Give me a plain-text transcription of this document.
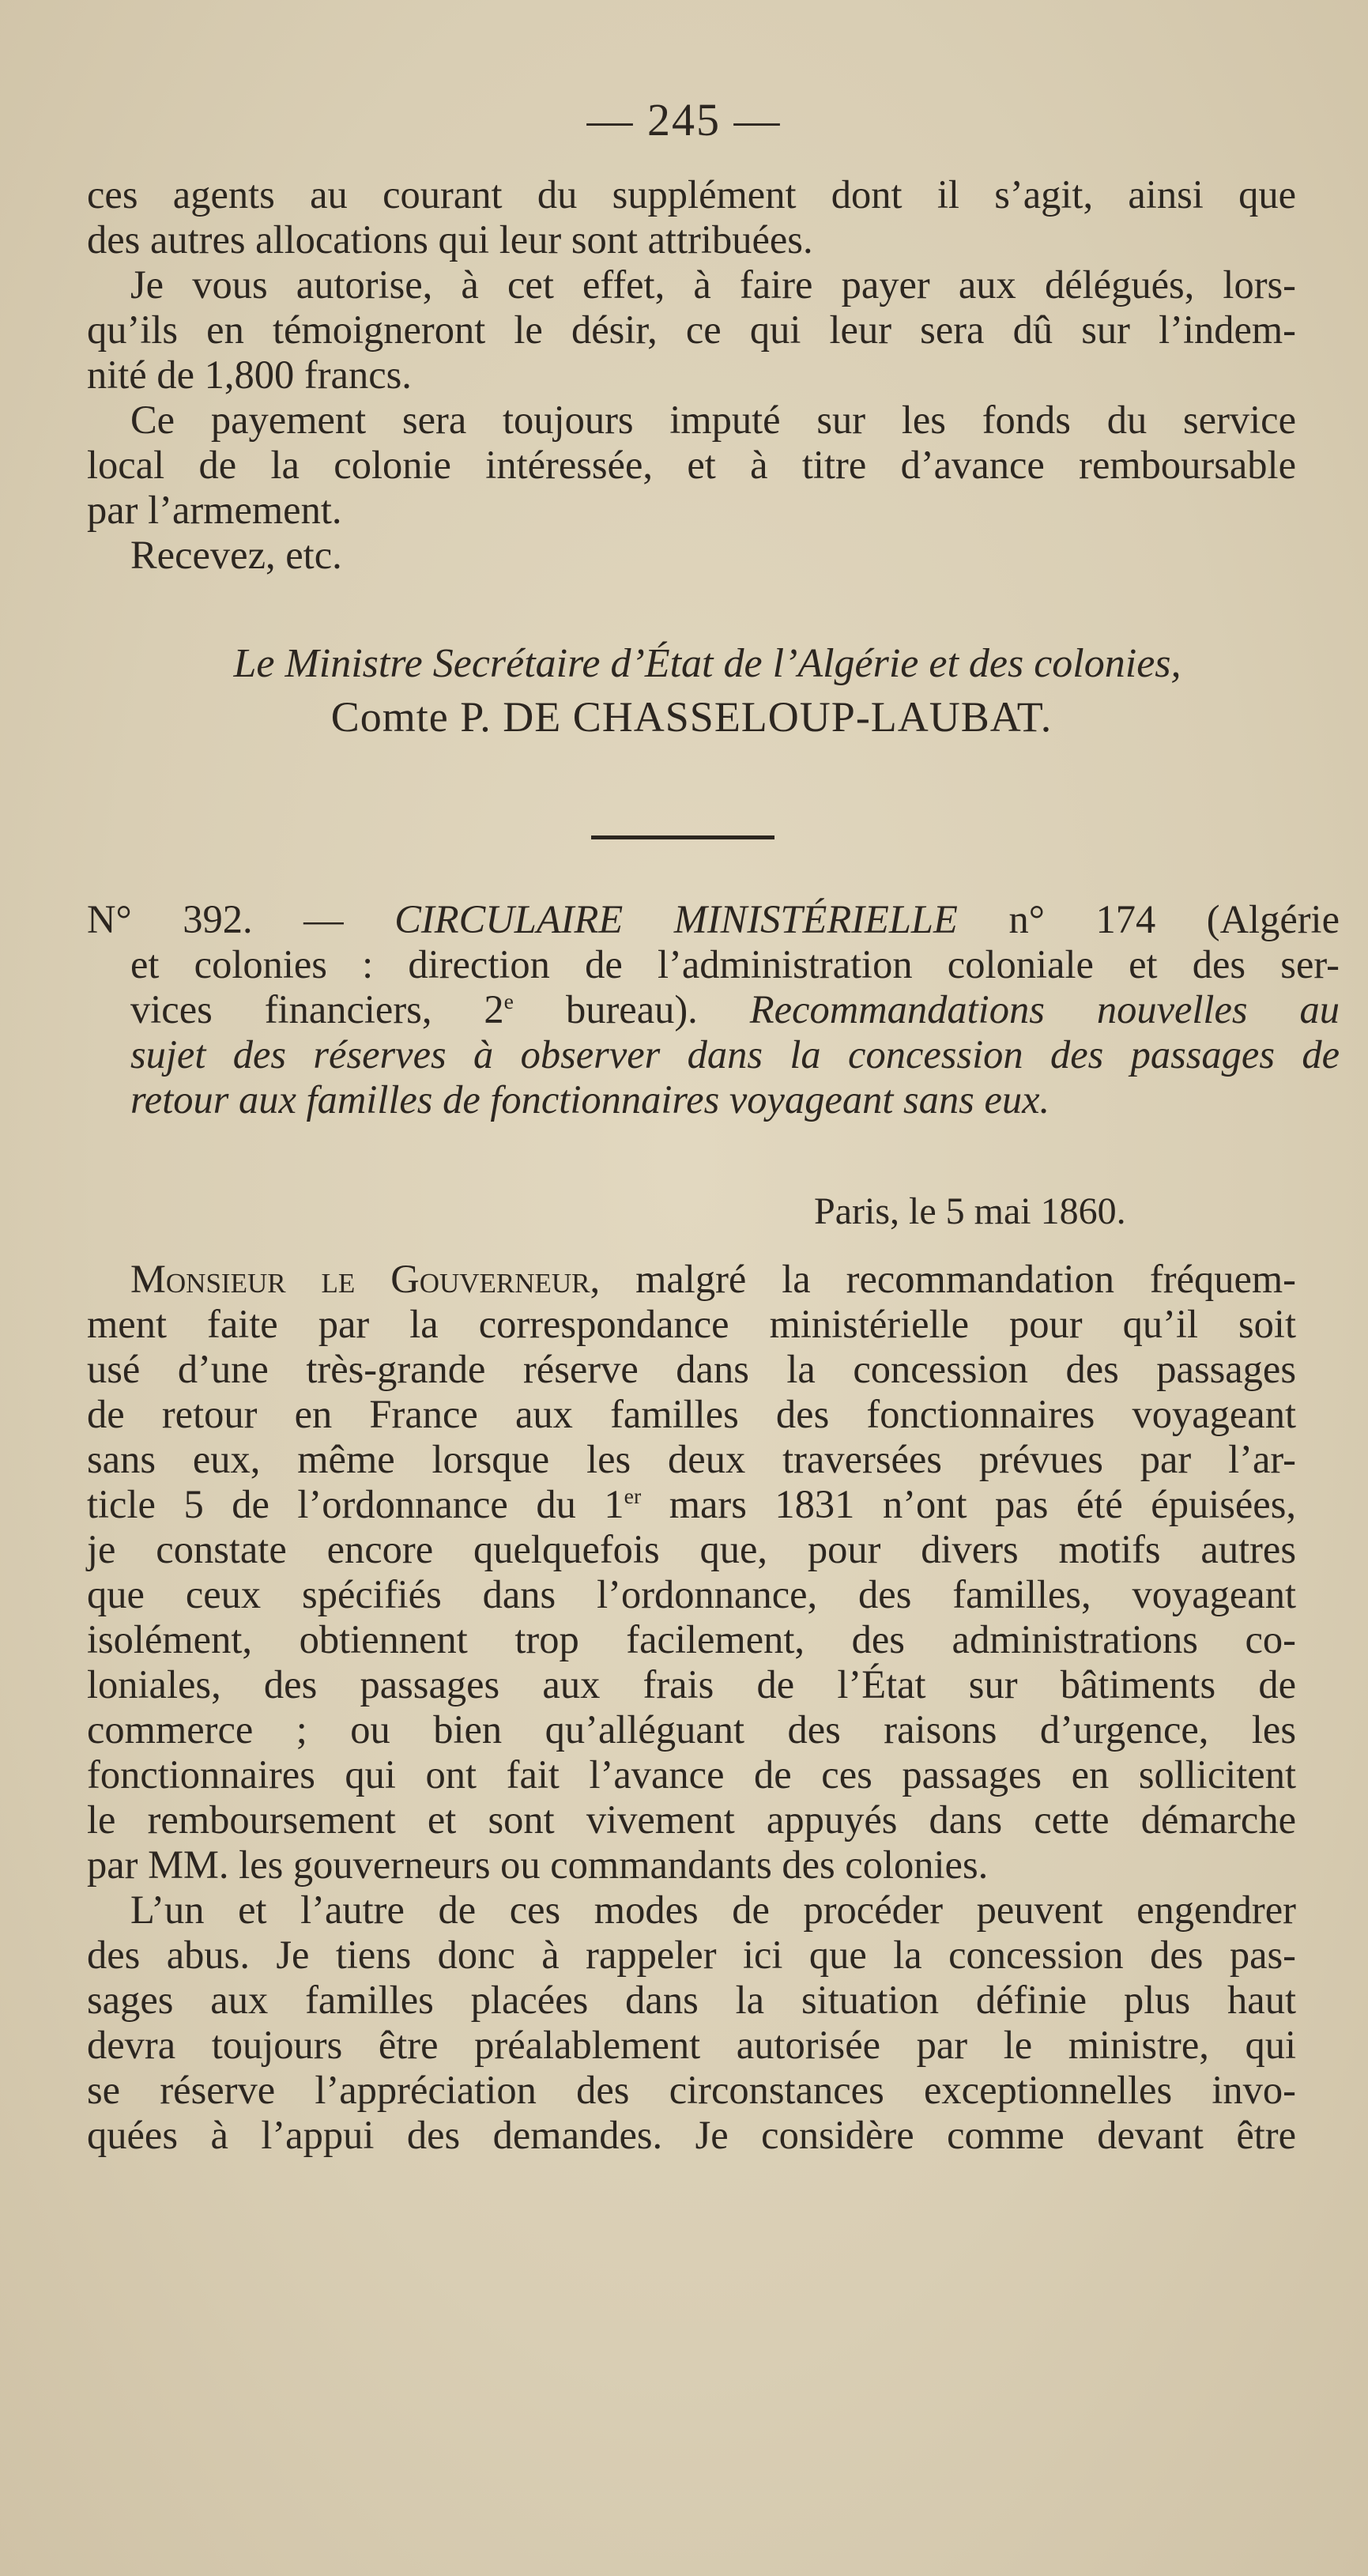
— 245 —
ces agents au courant du supplément dont il s’agit, ainsi que
des autres allocations qui leur sont attribuées.
Je vous autorise, à cet effet, à faire payer aux délégués, lors-
qu’ils en témoigneront le désir, ce qui leur sera dû sur l’indem-
nité de 1,800 francs.
Ce payement sera toujours imputé sur les fonds du service
local de la colonie intéressée, et à titre d’avance remboursable
par l’armement.
Recevez, etc.
Le Ministre Secrétaire d’État de l’Algérie et des colonies,
Comte P. DE CHASSELOUP-LAUBAT.
N° 392. — CIRCULAIRE MINISTÉRIELLE n° 174 (Algérie
et colonies : direction de l’administration coloniale et des ser-
vices financiers, 2e bureau). Recommandations nouvelles au
sujet des réserves à observer dans la concession des passages de
retour aux familles de fonctionnaires voyageant sans eux.
Paris, le 5 mai 1860.
Monsieur le Gouverneur, malgré la recommandation fréquem-
ment faite par la correspondance ministérielle pour qu’il soit
usé d’une très-grande réserve dans la concession des passages
de retour en France aux familles des fonctionnaires voyageant
sans eux, même lorsque les deux traversées prévues par l’ar-
ticle 5 de l’ordonnance du 1er mars 1831 n’ont pas été épuisées,
je constate encore quelquefois que, pour divers motifs autres
que ceux spécifiés dans l’ordonnance, des familles, voyageant
isolément, obtiennent trop facilement, des administrations co-
loniales, des passages aux frais de l’État sur bâtiments de
commerce ; ou bien qu’alléguant des raisons d’urgence, les
fonctionnaires qui ont fait l’avance de ces passages en sollicitent
le remboursement et sont vivement appuyés dans cette démarche
par MM. les gouverneurs ou commandants des colonies.
L’un et l’autre de ces modes de procéder peuvent engendrer
des abus. Je tiens donc à rappeler ici que la concession des pas-
sages aux familles placées dans la situation définie plus haut
devra toujours être préalablement autorisée par le ministre, qui
se réserve l’appréciation des circonstances exceptionnelles invo-
quées à l’appui des demandes. Je considère comme devant être
